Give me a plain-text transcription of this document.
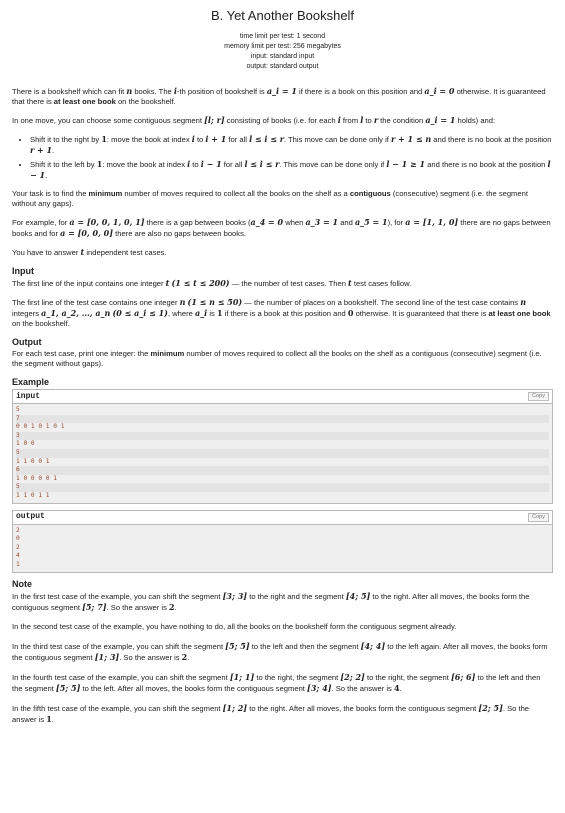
B. Yet Another Bookshelf
time limit per test: 1 second
memory limit per test: 256 megabytes
input: standard input
output: standard output

There is a bookshelf which can fit n books. The i-th position of bookshelf is a_i = 1 if there is a book on this position and a_i = 0 otherwise. It is guaranteed that there is at least one book on the bookshelf.

In one move, you can choose some contiguous segment [l; r] consisting of books (i.e. for each i from l to r the condition a_i = 1 holds) and:

• Shift it to the right by 1: move the book at index i to i + 1 for all l ≤ i ≤ r. This move can be done only if r + 1 ≤ n and there is no book at the position r + 1.
• Shift it to the left by 1: move the book at index i to i − 1 for all l ≤ i ≤ r. This move can be done only if l − 1 ≥ 1 and there is no book at the position l − 1.

Your task is to find the minimum number of moves required to collect all the books on the shelf as a contiguous (consecutive) segment (i.e. the segment without any gaps).

For example, for a = [0, 0, 1, 0, 1] there is a gap between books (a_4 = 0 when a_3 = 1 and a_5 = 1), for a = [1, 1, 0] there are no gaps between books and for a = [0, 0, 0] there are also no gaps between books.

You have to answer t independent test cases.

Input

The first line of the input contains one integer t (1 ≤ t ≤ 200) — the number of test cases. Then t test cases follow.

The first line of the test case contains one integer n (1 ≤ n ≤ 50) — the number of places on a bookshelf. The second line of the test case contains n integers a_1, a_2, …, a_n (0 ≤ a_i ≤ 1), where a_i is 1 if there is a book at this position and 0 otherwise. It is guaranteed that there is at least one book on the bookshelf.

Output

For each test case, print one integer: the minimum number of moves required to collect all the books on the shelf as a contiguous (consecutive) segment (i.e. the segment without gaps).

Example
input	Copy
5
7
0 0 1 0 1 0 1
3
1 0 0
5
1 1 0 0 1
6
1 0 0 0 0 1
5
1 1 0 1 1
output	Copy
2
0
2
4
1
Note

In the first test case of the example, you can shift the segment [3; 3] to the right and the segment [4; 5] to the right. After all moves, the books form the contiguous segment [5; 7]. So the answer is 2.

In the second test case of the example, you have nothing to do, all the books on the bookshelf form the contiguous segment already.

In the third test case of the example, you can shift the segment [5; 5] to the left and then the segment [4; 4] to the left again. After all moves, the books form the contiguous segment [1; 3]. So the answer is 2.

In the fourth test case of the example, you can shift the segment [1; 1] to the right, the segment [2; 2] to the right, the segment [6; 6] to the left and then the segment [5; 5] to the left. After all moves, the books form the contiguous segment [3; 4]. So the answer is 4.

In the fifth test case of the example, you can shift the segment [1; 2] to the right. After all moves, the books form the contiguous segment [2; 5]. So the answer is 1.
